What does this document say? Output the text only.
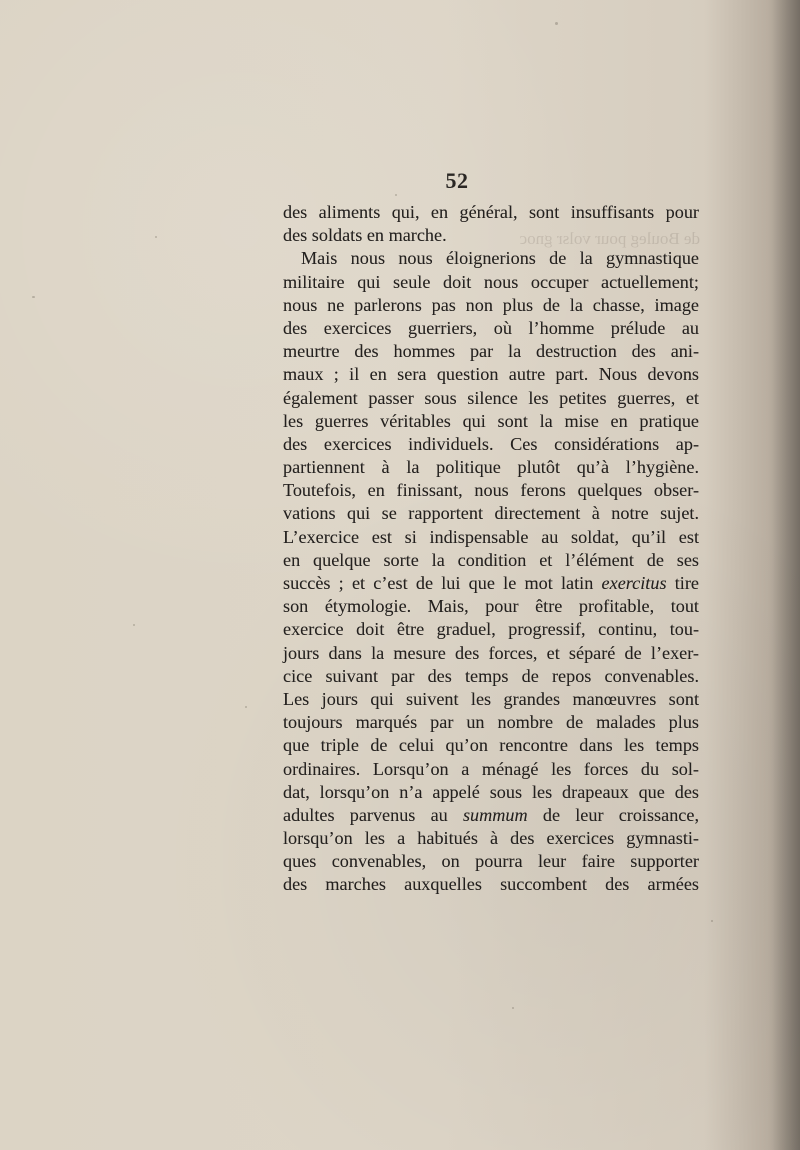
de Bouleg pour volsr gnoc
52
des aliments qui, en général, sont insuffisants pour
des soldats en marche.
Mais nous nous éloignerions de la gymnastique
militaire qui seule doit nous occuper actuellement;
nous ne parlerons pas non plus de la chasse, image
des exercices guerriers, où l’homme prélude au
meurtre des hommes par la destruction des ani-
maux ; il en sera question autre part. Nous devons
également passer sous silence les petites guerres, et
les guerres véritables qui sont la mise en pratique
des exercices individuels. Ces considérations ap-
partiennent à la politique plutôt qu’à l’hygiène.
Toutefois, en finissant, nous ferons quelques obser-
vations qui se rapportent directement à notre sujet.
L’exercice est si indispensable au soldat, qu’il est
en quelque sorte la condition et l’élément de ses
succès ; et c’est de lui que le mot latin exercitus tire
son étymologie. Mais, pour être profitable, tout
exercice doit être graduel, progressif, continu, tou-
jours dans la mesure des forces, et séparé de l’exer-
cice suivant par des temps de repos convenables.
Les jours qui suivent les grandes manœuvres sont
toujours marqués par un nombre de malades plus
que triple de celui qu’on rencontre dans les temps
ordinaires. Lorsqu’on a ménagé les forces du sol-
dat, lorsqu’on n’a appelé sous les drapeaux que des
adultes parvenus au summum de leur croissance,
lorsqu’on les a habitués à des exercices gymnasti-
ques convenables, on pourra leur faire supporter
des marches auxquelles succombent des armées
